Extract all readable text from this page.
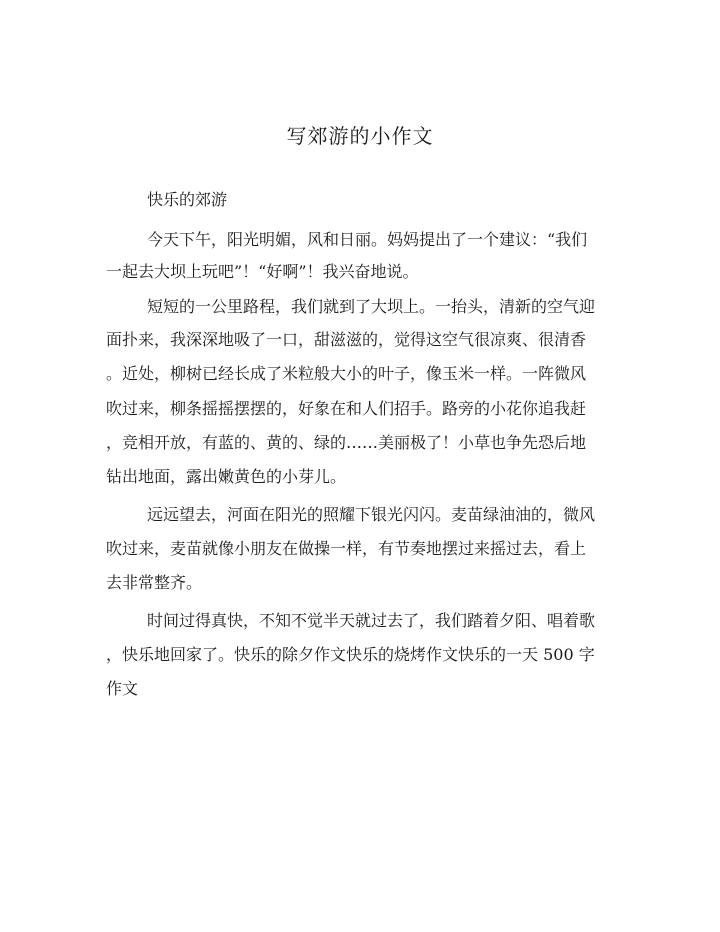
写郊游的小作文
快乐的郊游
今天下午，阳光明媚，风和日丽。妈妈提出了一个建议：“我们
一起去大坝上玩吧”！“好啊”！我兴奋地说。
短短的一公里路程，我们就到了大坝上。一抬头，清新的空气迎
面扑来，我深深地吸了一口，甜滋滋的，觉得这空气很凉爽、很清香
。近处，柳树已经长成了米粒般大小的叶子，像玉米一样。一阵微风
吹过来，柳条摇摇摆摆的，好象在和人们招手。路旁的小花你追我赶
，竞相开放，有蓝的、黄的、绿的……美丽极了！小草也争先恐后地
钻出地面，露出嫩黄色的小芽儿。
远远望去，河面在阳光的照耀下银光闪闪。麦苗绿油油的，微风
吹过来，麦苗就像小朋友在做操一样，有节奏地摆过来摇过去，看上
去非常整齐。
时间过得真快，不知不觉半天就过去了，我们踏着夕阳、唱着歌
，快乐地回家了。快乐的除夕作文快乐的烧烤作文快乐的一天 500 字
作文
